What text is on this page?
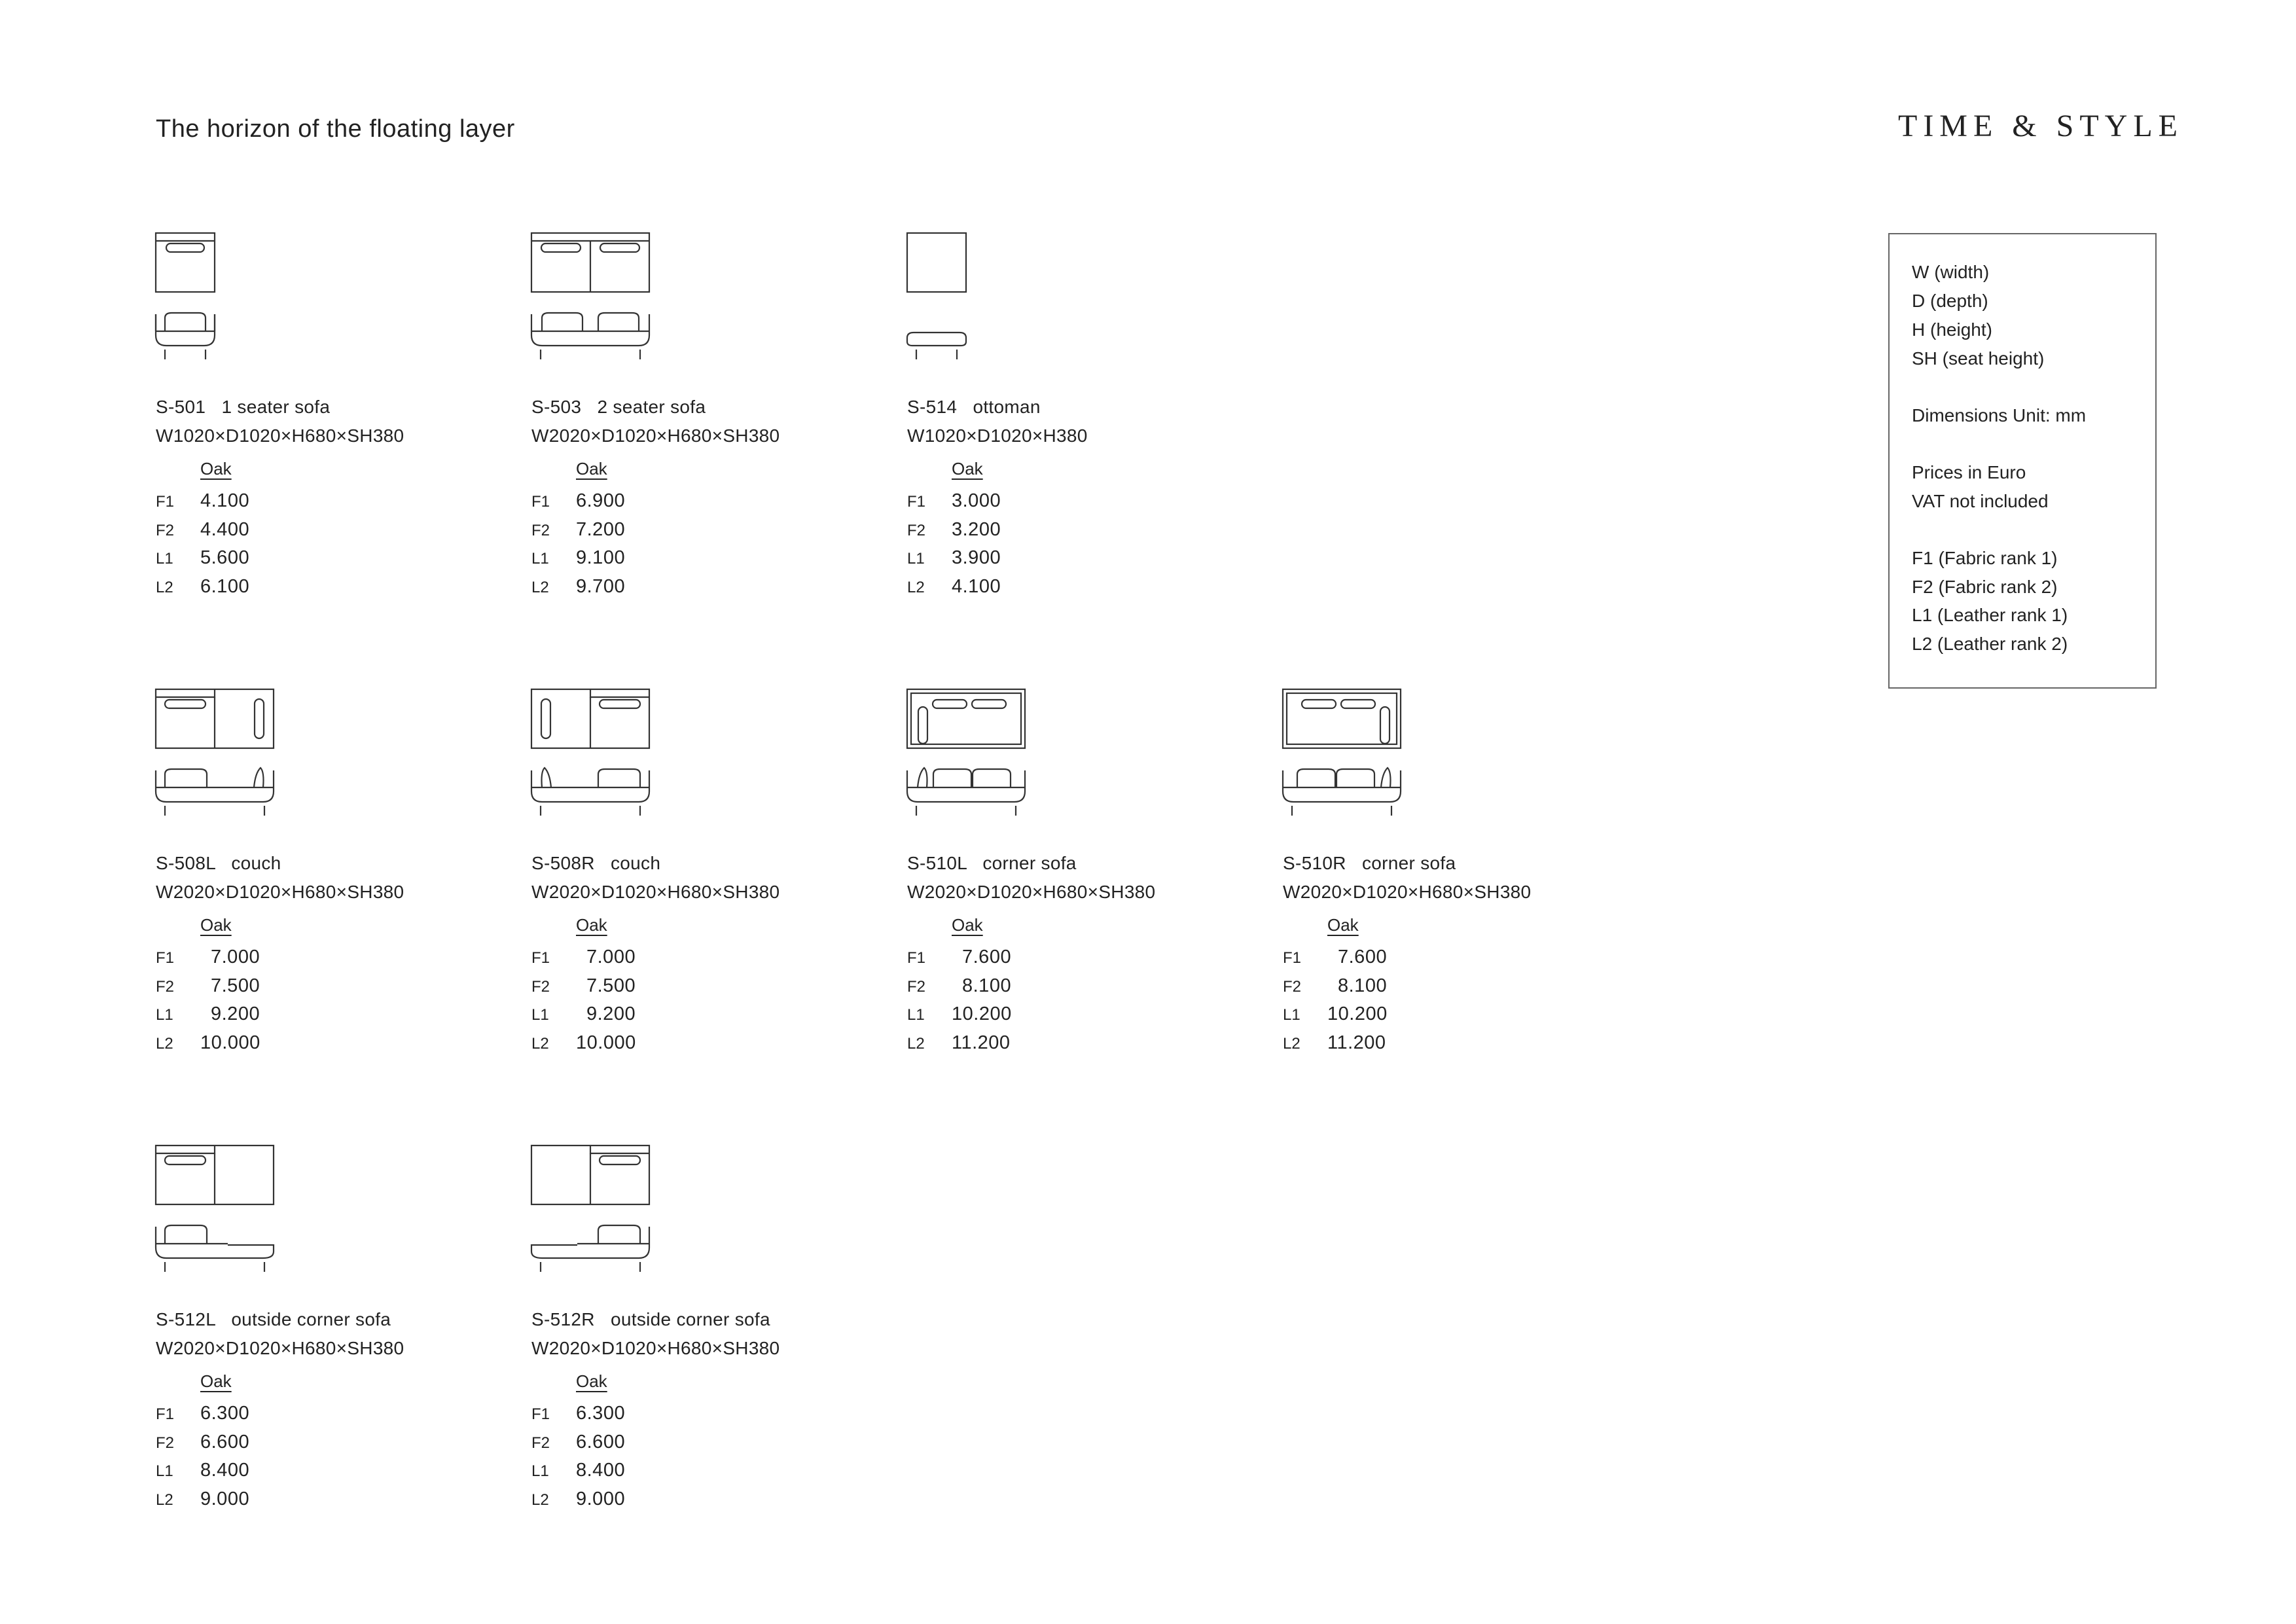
The horizon of the floating layer	TIME & STYLE
S-501 1 seater sofa
W1020×D1020×H680×SH380
Oak
F1 4.100
F2 4.400
L1 5.600
L2 6.100
S-503 2 seater sofa
W2020×D1020×H680×SH380
Oak
F1 6.900
F2 7.200
L1 9.100
L2 9.700
S-514 ottoman
W1020×D1020×H380
Oak
F1 3.000
F2 3.200
L1 3.900
L2 4.100
S-508L couch
W2020×D1020×H680×SH380
Oak
F1 7.000
F2 7.500
L1 9.200
L2 10.000
S-508R couch
W2020×D1020×H680×SH380
Oak
F1 7.000
F2 7.500
L1 9.200
L2 10.000
S-510L corner sofa
W2020×D1020×H680×SH380
Oak
F1 7.600
F2 8.100
L1 10.200
L2 11.200
S-510R corner sofa
W2020×D1020×H680×SH380
Oak
F1 7.600
F2 8.100
L1 10.200
L2 11.200
S-512L outside corner sofa
W2020×D1020×H680×SH380
Oak
F1 6.300
F2 6.600
L1 8.400
L2 9.000
S-512R outside corner sofa
W2020×D1020×H680×SH380
Oak
F1 6.300
F2 6.600
L1 8.400
L2 9.000
W (width)
D (depth)
H (height)
SH (seat height)
Dimensions Unit: mm
Prices in Euro
VAT not included
F1 (Fabric rank 1)
F2 (Fabric rank 2)
L1 (Leather rank 1)
L2 (Leather rank 2)
